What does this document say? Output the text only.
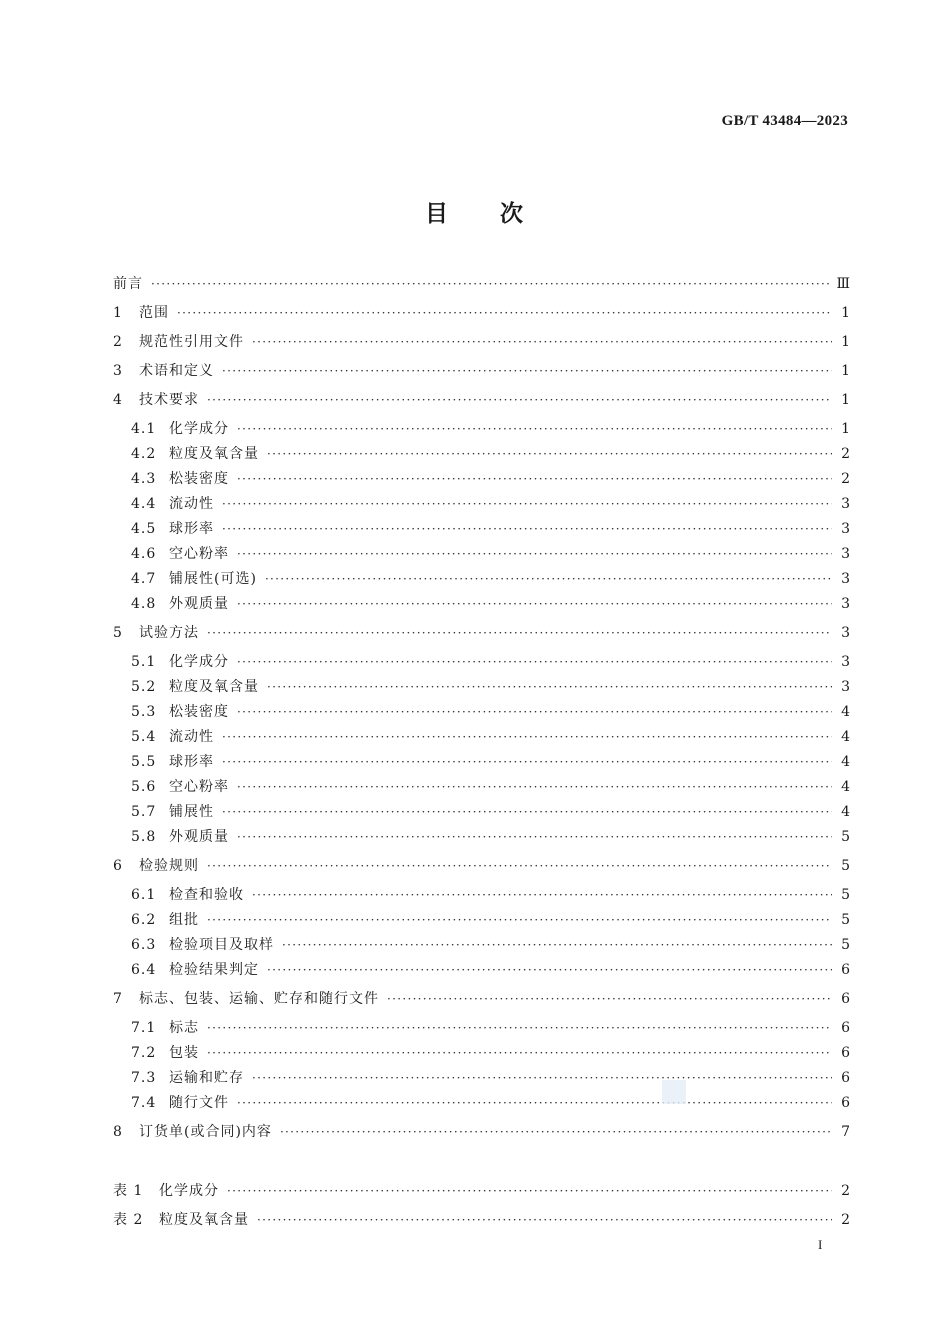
GB/T 43484—2023
目 次
前言 ·····	Ⅲ
1	范围 ·····	1
2	规范性引用文件 ·····	1
3	术语和定义 ·····	1
4	技术要求 ·····	1
4.1 化学成分 ·····	1
4.2 粒度及氧含量 ·····	2
4.3 松装密度 ·····	2
4.4 流动性 ·····	3
4.5 球形率 ·····	3
4.6 空心粉率 ·····	3
4.7 铺展性(可选) ·····	3
4.8 外观质量 ·····	3
5	试验方法 ·····	3
5.1 化学成分 ·····	3
5.2 粒度及氧含量 ·····	3
5.3 松装密度 ·····	4
5.4 流动性 ·····	4
5.5 球形率 ·····	4
5.6 空心粉率 ·····	4
5.7 铺展性 ·····	4
5.8 外观质量 ·····	5
6	检验规则 ·····	5
6.1 检查和验收 ·····	5
6.2 组批 ·····	5
6.3 检验项目及取样 ·····	5
6.4 检验结果判定 ·····	6
7	标志、包装、运输、贮存和随行文件 ·····	6
7.1 标志 ·····	6
7.2 包装 ·····	6
7.3 运输和贮存 ·····	6
7.4 随行文件 ·····	6
8	订货单(或合同)内容 ·····	7
表 1	化学成分 ·····	2
表 2	粒度及氧含量 ·····	2
I
